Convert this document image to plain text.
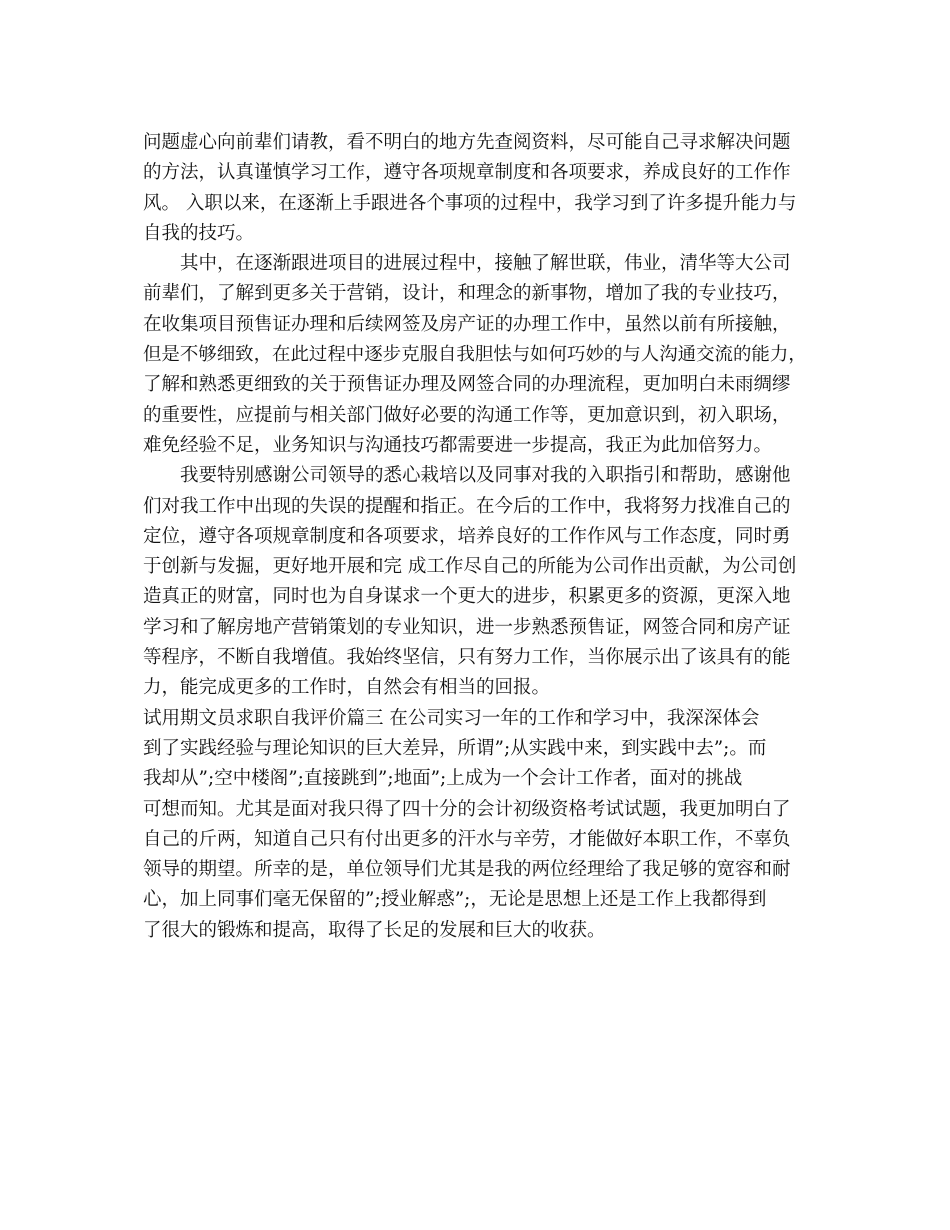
问题虚心向前辈们请教，看不明白的地方先查阅资料，尽可能自己寻求解决问题
的方法，认真谨慎学习工作，遵守各项规章制度和各项要求，养成良好的工作作
风。 入职以来，在逐渐上手跟进各个事项的过程中，我学习到了许多提升能力与
自我的技巧。
其中，在逐渐跟进项目的进展过程中，接触了解世联，伟业，清华等大公司
前辈们，了解到更多关于营销，设计，和理念的新事物，增加了我的专业技巧，
在收集项目预售证办理和后续网签及房产证的办理工作中，虽然以前有所接触，
但是不够细致，在此过程中逐步克服自我胆怯与如何巧妙的与人沟通交流的能力，
了解和熟悉更细致的关于预售证办理及网签合同的办理流程，更加明白未雨绸缪
的重要性，应提前与相关部门做好必要的沟通工作等，更加意识到，初入职场，
难免经验不足，业务知识与沟通技巧都需要进一步提高，我正为此加倍努力。
我要特别感谢公司领导的悉心栽培以及同事对我的入职指引和帮助，感谢他
们对我工作中出现的失误的提醒和指正。在今后的工作中，我将努力找准自己的
定位，遵守各项规章制度和各项要求，培养良好的工作作风与工作态度，同时勇
于创新与发掘，更好地开展和完 成工作尽自己的所能为公司作出贡献，为公司创
造真正的财富，同时也为自身谋求一个更大的进步，积累更多的资源，更深入地
学习和了解房地产营销策划的专业知识，进一步熟悉预售证，网签合同和房产证
等程序，不断自我增值。我始终坚信，只有努力工作，当你展示出了该具有的能
力，能完成更多的工作时，自然会有相当的回报。
试用期文员求职自我评价篇三 在公司实习一年的工作和学习中，我深深体会
到了实践经验与理论知识的巨大差异，所谓”;从实践中来，到实践中去”;。而
我却从”;空中楼阁”;直接跳到”;地面”;上成为一个会计工作者，面对的挑战
可想而知。尤其是面对我只得了四十分的会计初级资格考试试题，我更加明白了
自己的斤两，知道自己只有付出更多的汗水与辛劳，才能做好本职工作，不辜负
领导的期望。所幸的是，单位领导们尤其是我的两位经理给了我足够的宽容和耐
心，加上同事们毫无保留的”;授业解惑”;，无论是思想上还是工作上我都得到
了很大的锻炼和提高，取得了长足的发展和巨大的收获。
